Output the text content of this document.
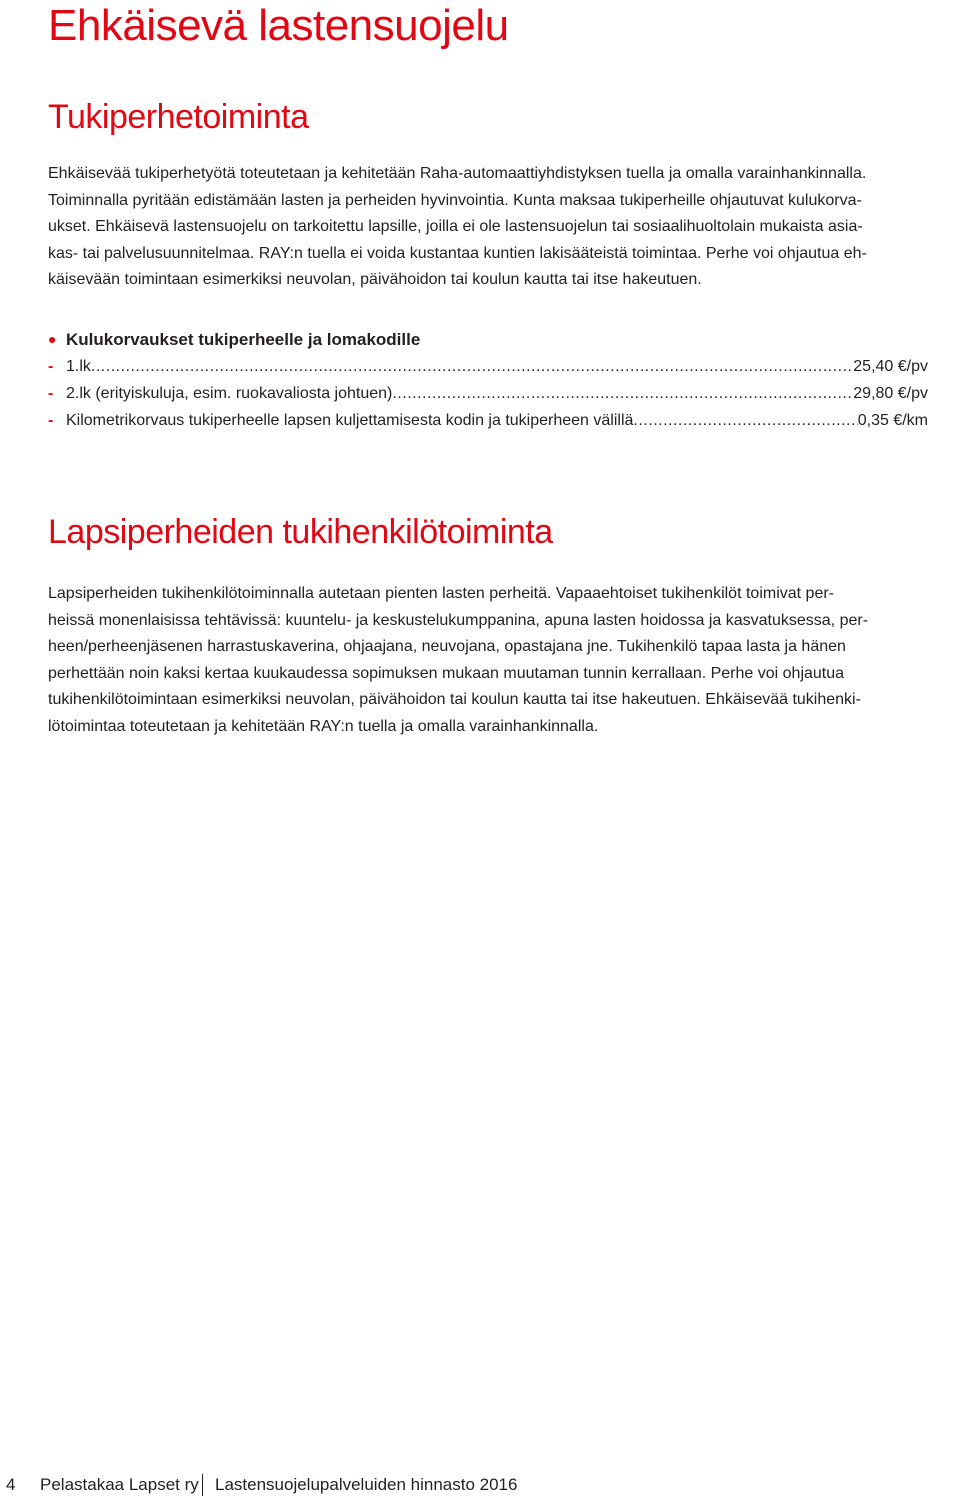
Ehkäisevä lastensuojelu
Tukiperhetoiminta
Ehkäisevää tukiperhetyötä toteutetaan ja kehitetään Raha-automaattiyhdistyksen tuella ja omalla varainhankinnalla.
Toiminnalla pyritään edistämään lasten ja perheiden hyvinvointia. Kunta maksaa tukiperheille ohjautuvat kulukorva-
ukset. Ehkäisevä lastensuojelu on tarkoitettu lapsille, joilla ei ole lastensuojelun tai sosiaalihuoltolain mukaista asia-
kas- tai palvelusuunnitelmaa. RAY:n tuella ei voida kustantaa kuntien lakisääteistä toimintaa. Perhe voi ohjautua eh-
käisevään toimintaan esimerkiksi neuvolan, päivähoidon tai koulun kautta tai itse hakeutuen.
● Kulukorvaukset tukiperheelle ja lomakodille
- 1.lk .....	25,40 €/pv
- 2.lk (erityiskuluja, esim. ruokavaliosta johtuen) .....	29,80 €/pv
- Kilometrikorvaus tukiperheelle lapsen kuljettamisesta kodin ja tukiperheen välillä .....	0,35 €/km
Lapsiperheiden tukihenkilötoiminta
Lapsiperheiden tukihenkilötoiminnalla autetaan pienten lasten perheitä. Vapaaehtoiset tukihenkilöt toimivat per-
heissä monenlaisissa tehtävissä: kuuntelu- ja keskustelukumppanina, apuna lasten hoidossa ja kasvatuksessa, per-
heen/perheenjäsenen harrastuskaverina, ohjaajana, neuvojana, opastajana jne. Tukihenkilö tapaa lasta ja hänen
perhettään noin kaksi kertaa kuukaudessa sopimuksen mukaan muutaman tunnin kerrallaan. Perhe voi ohjautua
tukihenkilötoimintaan esimerkiksi neuvolan, päivähoidon tai koulun kautta tai itse hakeutuen. Ehkäisevää tukihenki-
lötoimintaa toteutetaan ja kehitetään RAY:n tuella ja omalla varainhankinnalla.
4 Pelastakaa Lapset ry Lastensuojelupalveluiden hinnasto 2016
